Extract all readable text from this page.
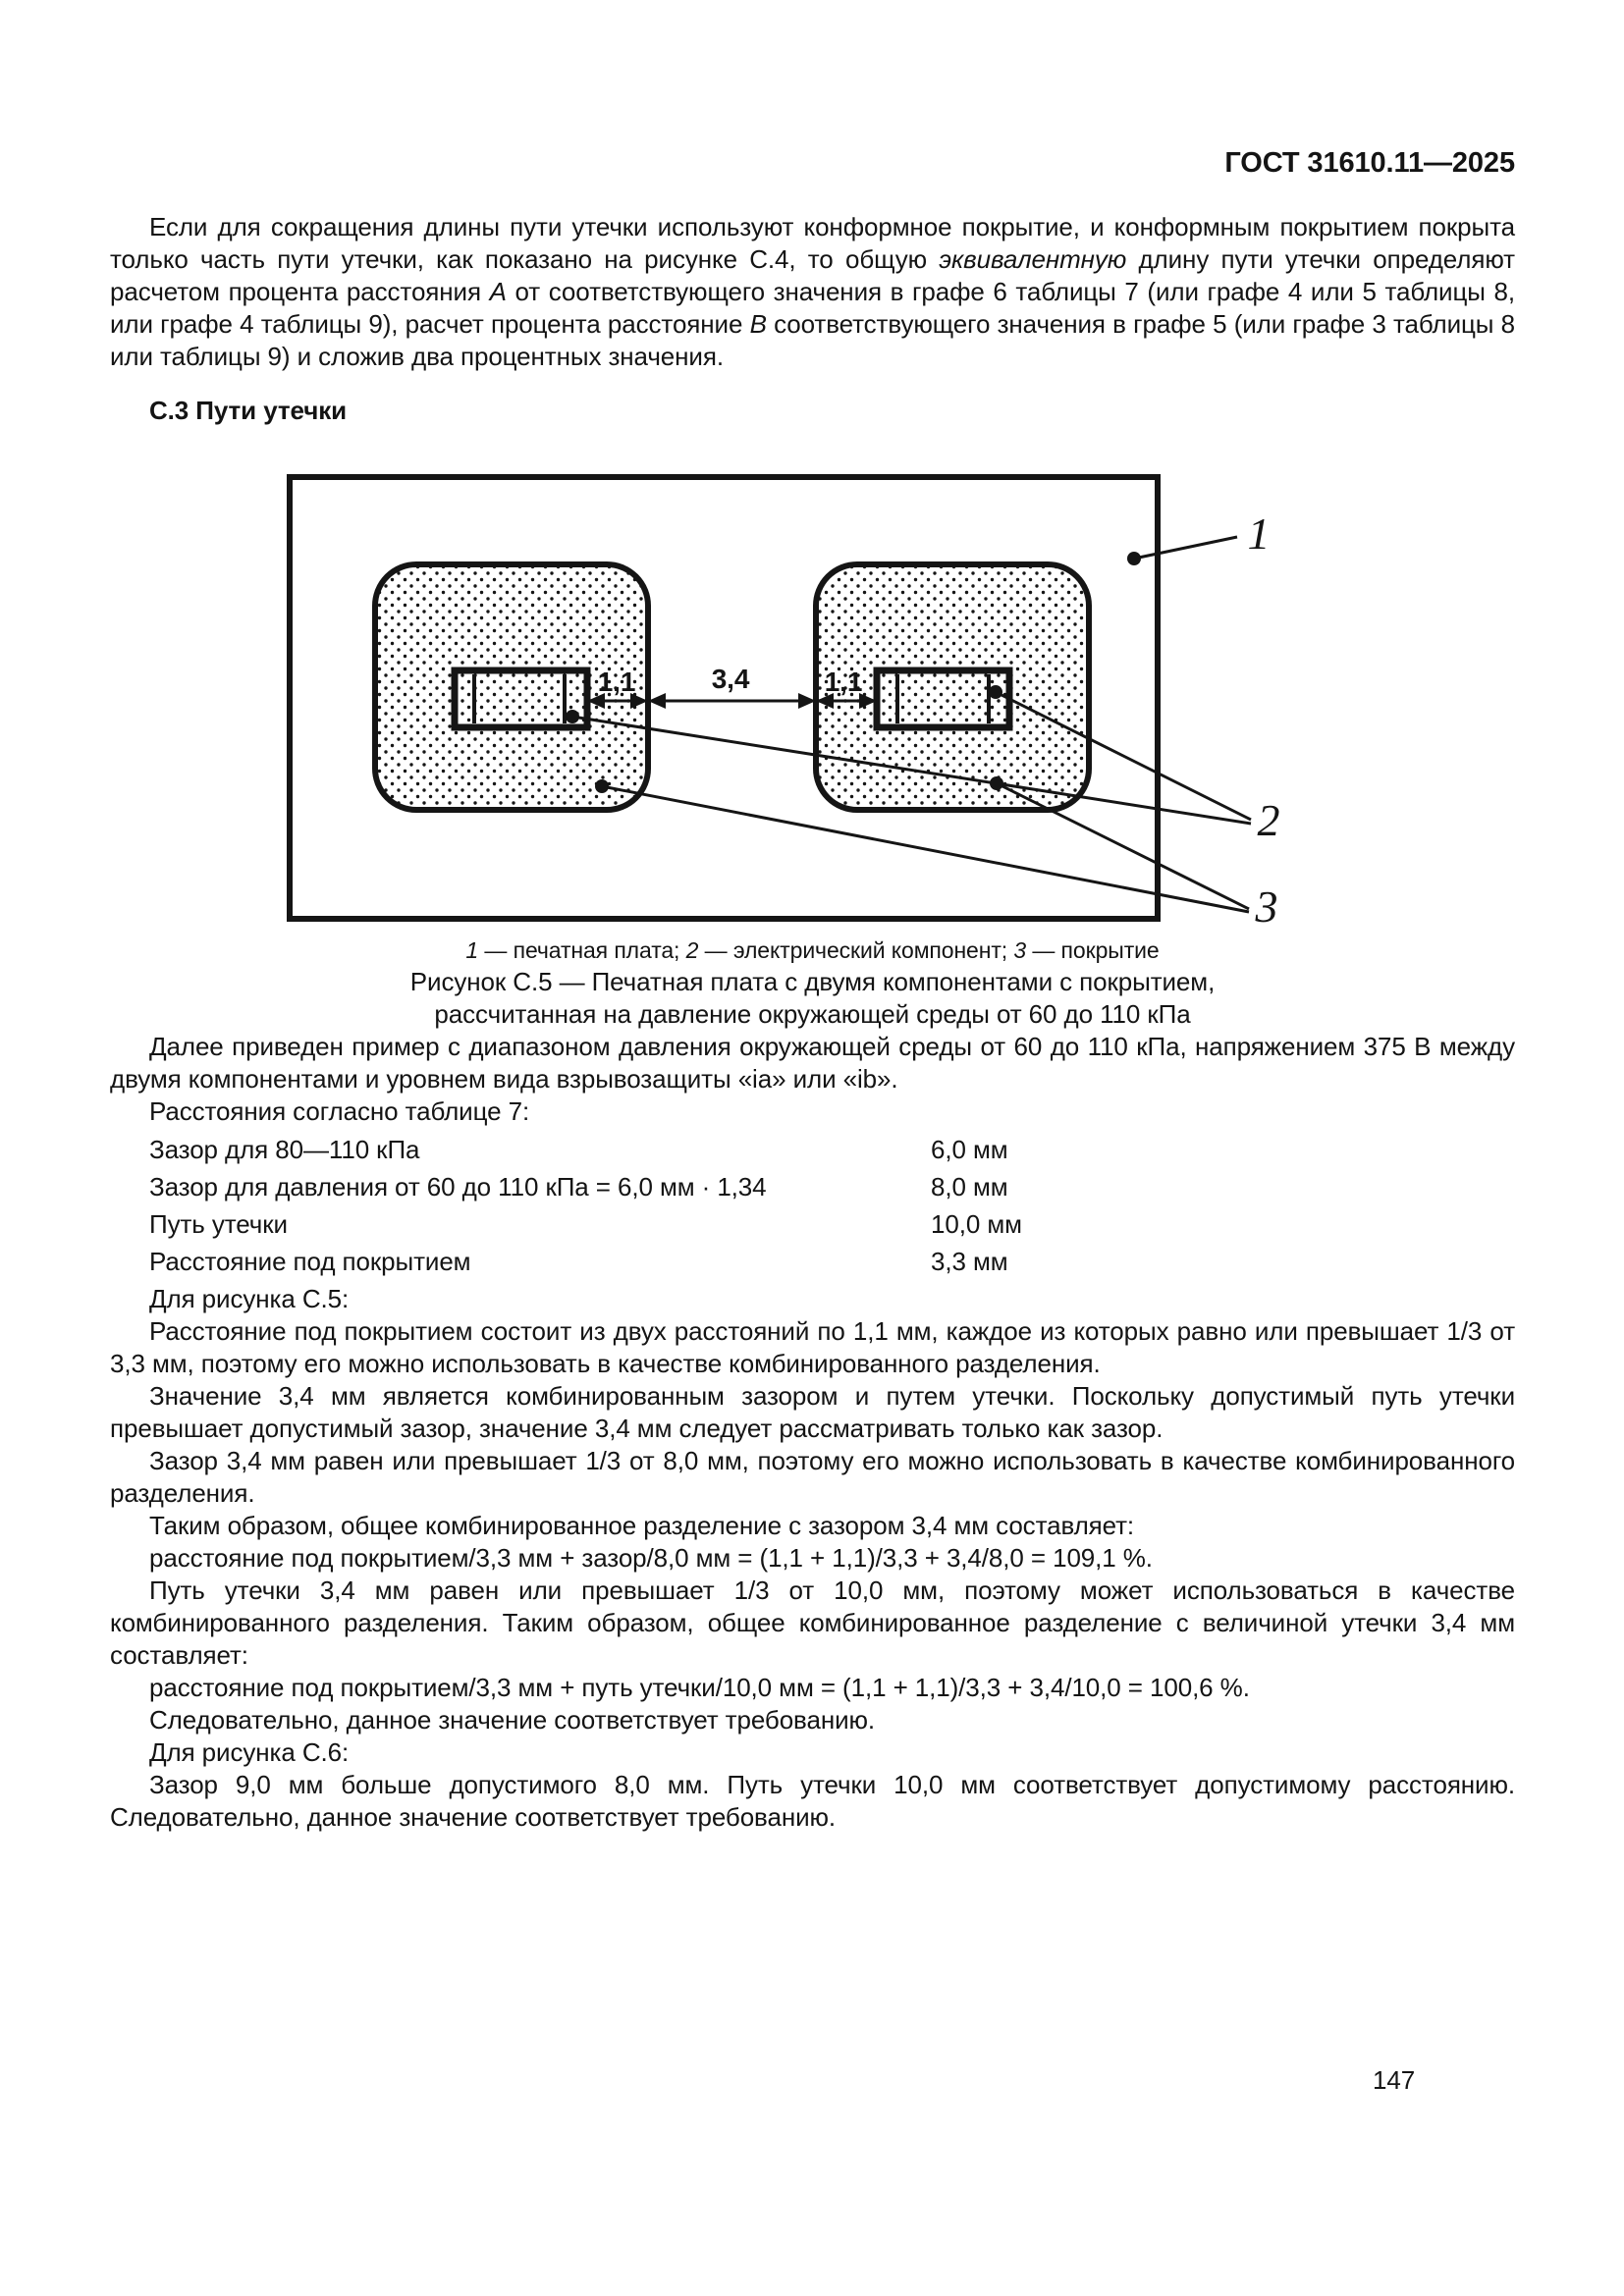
ГОСТ 31610.11—2025

Если для сокращения длины пути утечки используют конформное покрытие, и конформным покрытием покрыта только часть пути утечки, как показано на рисунке С.4, то общую эквивалентную длину пути утечки определяют расчетом процента расстояния А от соответствующего значения в графе 6 таблицы 7 (или графе 4 или 5 таблицы 8, или графе 4 таблицы 9), расчет процента расстояние В соответствующего значения в графе 5 (или графе 3 таблицы 8 или таблицы 9) и сложив два процентных значения.

С.3 Пути утечки
1,1	3,4	1,1
1
2
3

1 — печатная плата; 2 — электрический компонент; 3 — покрытие

Рисунок С.5 — Печатная плата с двумя компонентами с покрытием,

рассчитанная на давление окружающей среды от 60 до 110 кПа

Далее приведен пример с диапазоном давления окружающей среды от 60 до 110 кПа, напряжением 375 В между двумя компонентами и уровнем вида взрывозащиты «ia» или «ib».

Расстояния согласно таблице 7:

Зазор для 80—110 кПа	6,0 мм
Зазор для давления от 60 до 110 кПа = 6,0 мм · 1,34	8,0 мм
Путь утечки	10,0 мм
Расстояние под покрытием	3,3 мм

Для рисунка С.5:

Расстояние под покрытием состоит из двух расстояний по 1,1 мм, каждое из которых равно или превышает 1/3 от 3,3 мм, поэтому его можно использовать в качестве комбинированного разделения.

Значение 3,4 мм является комбинированным зазором и путем утечки. Поскольку допустимый путь утечки превышает допустимый зазор, значение 3,4 мм следует рассматривать только как зазор.

Зазор 3,4 мм равен или превышает 1/3 от 8,0 мм, поэтому его можно использовать в качестве комбинированного разделения.

Таким образом, общее комбинированное разделение с зазором 3,4 мм составляет:

расстояние под покрытием/3,3 мм + зазор/8,0 мм = (1,1 + 1,1)/3,3 + 3,4/8,0 = 109,1 %.

Путь утечки 3,4 мм равен или превышает 1/3 от 10,0 мм, поэтому может использоваться в качестве комбинированного разделения. Таким образом, общее комбинированное разделение с величиной утечки 3,4 мм составляет:

расстояние под покрытием/3,3 мм + путь утечки/10,0 мм = (1,1 + 1,1)/3,3 + 3,4/10,0 = 100,6 %.

Следовательно, данное значение соответствует требованию.

Для рисунка С.6:

Зазор 9,0 мм больше допустимого 8,0 мм. Путь утечки 10,0 мм соответствует допустимому расстоянию. Следовательно, данное значение соответствует требованию.

147
